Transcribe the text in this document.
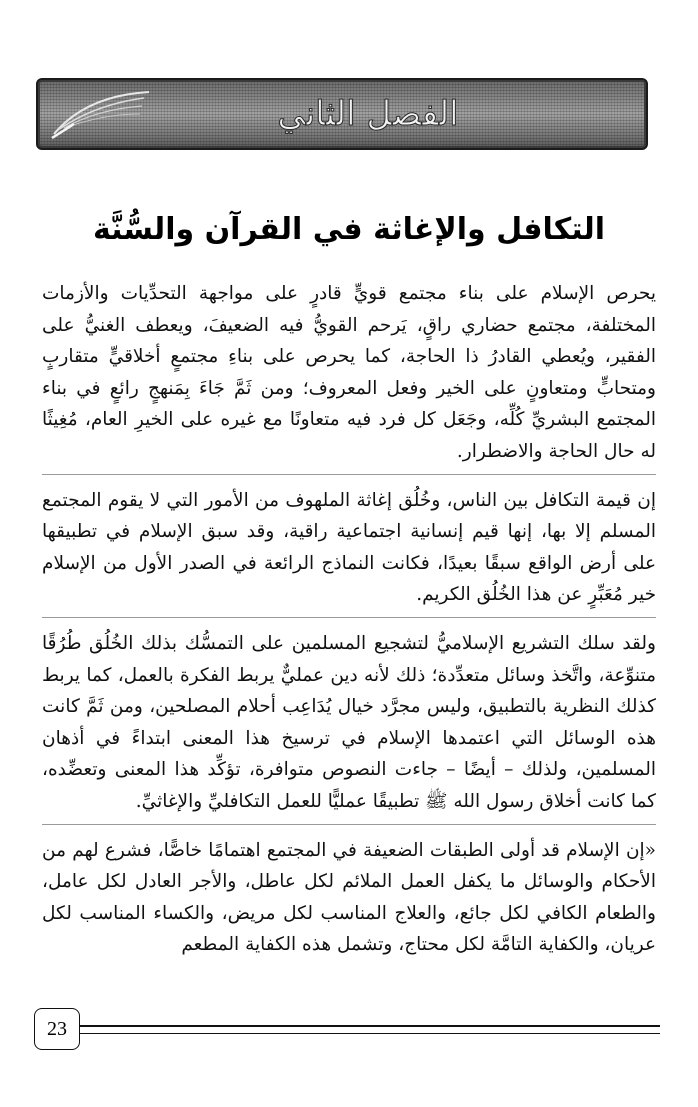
الفصل الثاني
التكافل والإغاثة في القرآن والسُّنَّة

يحرص الإسلام على بناء مجتمع قويٍّ قادرٍ على مواجهة التحدِّيات والأزمات المختلفة، مجتمع حضاري راقٍ، يَرحم القويُّ فيه الضعيفَ، ويعطف الغنيُّ على الفقير، ويُعطي القادرُ ذا الحاجة، كما يحرص على بناءِ مجتمعٍ أخلاقيٍّ متقاربٍ ومتحابٍّ ومتعاونٍ على الخير وفعل المعروف؛ ومن ثَمَّ جَاءَ بِمَنهجٍ رائعٍ في بناء المجتمع البشريِّ كُلِّه، وجَعَل كل فرد فيه متعاونًا مع غيره على الخيرِ العام، مُغِيثًا له حال الحاجة والاضطرار.

إن قيمة التكافل بين الناس، وخُلُق إغاثة الملهوف من الأمور التي لا يقوم المجتمع المسلم إلا بها، إنها قيم إنسانية اجتماعية راقية، وقد سبق الإسلام في تطبيقها على أرض الواقع سبقًا بعيدًا، فكانت النماذج الرائعة في الصدر الأول من الإسلام خير مُعَبِّرٍ عن هذا الخُلُق الكريم.

ولقد سلك التشريع الإسلاميُّ لتشجيع المسلمين على التمسُّك بذلك الخُلُق طُرُقًا متنوِّعة، واتَّخذ وسائل متعدِّدة؛ ذلك لأنه دين عمليٌّ يربط الفكرة بالعمل، كما يربط كذلك النظرية بالتطبيق، وليس مجرَّد خيال يُدَاعِب أحلام المصلحين، ومن ثَمَّ كانت هذه الوسائل التي اعتمدها الإسلام في ترسيخ هذا المعنى ابتداءً في أذهان المسلمين، ولذلك – أيضًا – جاءت النصوص متوافرة، تؤكِّد هذا المعنى وتعضِّده، كما كانت أخلاق رسول الله ﷺ تطبيقًا عمليًّا للعمل التكافليِّ والإغاثيِّ.

«إن الإسلام قد أولى الطبقات الضعيفة في المجتمع اهتمامًا خاصًّا، فشرع لهم من الأحكام والوسائل ما يكفل العمل الملائم لكل عاطل، والأجر العادل لكل عامل، والطعام الكافي لكل جائع، والعلاج المناسب لكل مريض، والكساء المناسب لكل عريان، والكفاية التامَّة لكل محتاج، وتشمل هذه الكفاية المطعم

23
